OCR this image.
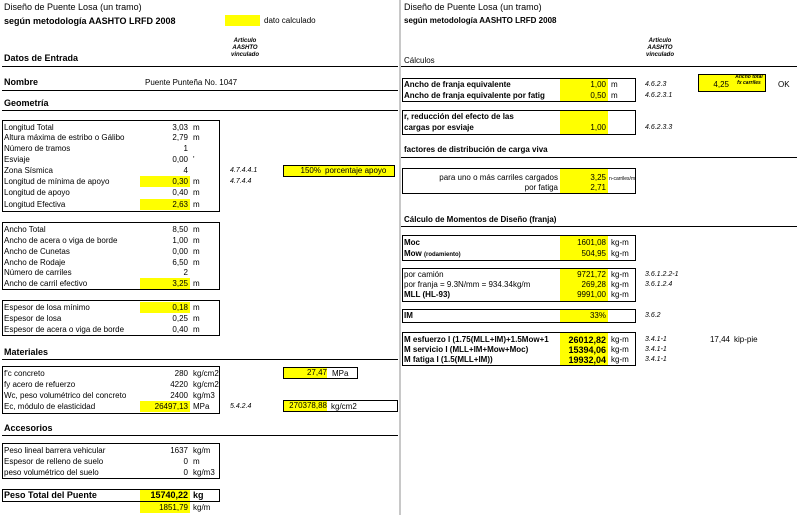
Diseño de Puente Losa (un tramo)
según metodología AASHTO LRFD 2008	dato calculado
Articulo AASHTO vinculado
Datos de Entrada
Nombre	Puente Punteña No. 1047
Geometría
Longitud Total	3,03 m
Altura máxima de estribo o Gálibo	2,79 m
Número de tramos	1
Esviaje	0,00 '
Zona Sísmica	4	4.7.4.4.1	150% porcentaje apoyo
Longitud de mínima de apoyo	0,30 m	4.7.4.4
Longitud de apoyo	0,40 m
Longitud Efectiva	2,63 m
Ancho Total	8,50 m
Ancho de acera o viga de borde	1,00 m
Ancho de Cunetas	0,00 m
Ancho de Rodaje	6,50 m
Número de carriles	2
Ancho de carril efectivo	3,25 m
Espesor de losa mínimo	0,18 m
Espesor de losa	0,25 m
Espesor de acera o viga de borde	0,40 m
Materiales
f'c concreto	280 kg/cm2	27,47 MPa
fy acero de refuerzo	4220 kg/cm2
Wc, peso volumétrico del concreto	2400 kg/m3
Ec, módulo de elasticidad	26497,13 MPa	5.4.2.4	270378,88 kg/cm2
Accesorios
Peso lineal barrera vehicular	1637 kg/m
Espesor de relleno de suelo	0 m
peso volumétrico del suelo	0 kg/m3
Peso Total del Puente	15740,22 kg
1851,79 kg/m
Diseño de Puente Losa (un tramo)
según metodología AASHTO LRFD 2008
Articulo AASHTO vinculado
Cálculos
Ancho de franja equivalente	1,00 m	4.6.2.3	4,25
Ancho total fx carriles	OK
Ancho de franja equivalente por fatig	0,50 m	4.6.2.3.1
r, reducción del efecto de las
cargas por esviaje	1,00	4.6.2.3.3
factores de distribución de carga viva
para uno o más carriles cargados	3,25 n-carriles/m
por fatiga	2,71
Cálculo de Momentos de Diseño (franja)
Moc	1601,08 kg-m
Mow (rodamiento)	504,95 kg-m
por camión	9721,72 kg-m 3.6.1.2.2-1
por franja = 9.3N/mm = 934.34kg/m	269,28 kg-m 3.6.1.2.4
MLL (HL-93)	9991,00 kg-m
IM	33%	3.6.2
M esfuerzo I (1.75(MLL+IM)+1.5Mow+1	26012,82 kg-m 3.4.1-1	17,44 kip-pie
M servicio I (MLL+IM+Mow+Moc)	15394,06 kg-m 3.4.1-1
M fatiga I (1.5(MLL+IM))	19932,04 kg-m 3.4.1-1
